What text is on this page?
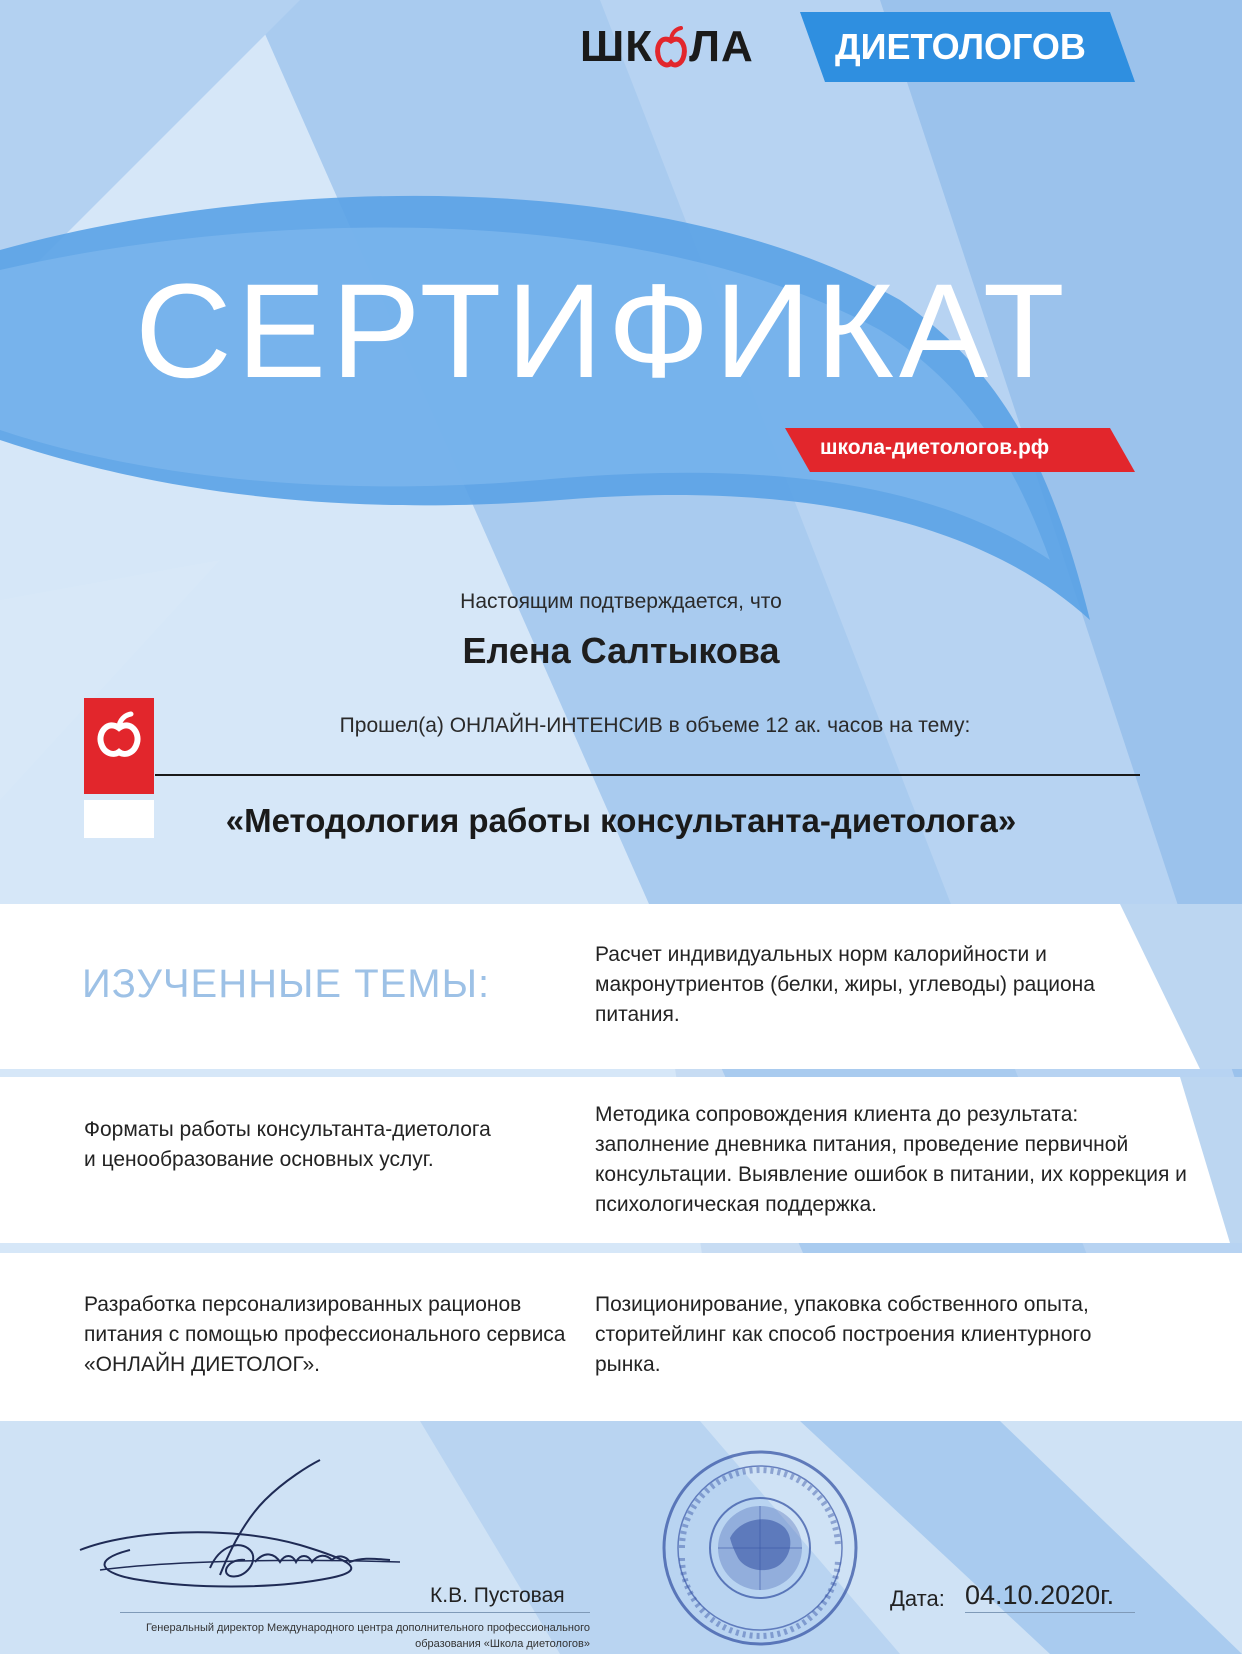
ШК ЛА ДИЕТОЛОГОВ
СЕРТИФИКАТ
школа-диетологов.рф
Настоящим подтверждается, что
Елена Салтыкова
Прошел(а) ОНЛАЙН-ИНТЕНСИВ в объеме 12 ак. часов на тему:
«Методология работы консультанта-диетолога»
ИЗУЧЕННЫЕ ТЕМЫ:
Расчет индивидуальных норм калорийности и макронутриентов (белки, жиры, углеводы) рациона питания.
Форматы работы консультанта-диетолога и ценообразование основных услуг.
Методика сопровождения клиента до результата: заполнение дневника питания, проведение первичной консультации. Выявление ошибок в питании, их коррекция и психологическая поддержка.
Разработка персонализированных рационов питания с помощью профессионального сервиса «ОНЛАЙН ДИЕТОЛОГ».
Позиционирование, упаковка собственного опыта, сторитейлинг как способ построения клиентурного рынка.
К.В. Пустовая
Генеральный директор Международного центра дополнительного профессионального образования «Школа диетологов»
Дата: 04.10.2020г.
